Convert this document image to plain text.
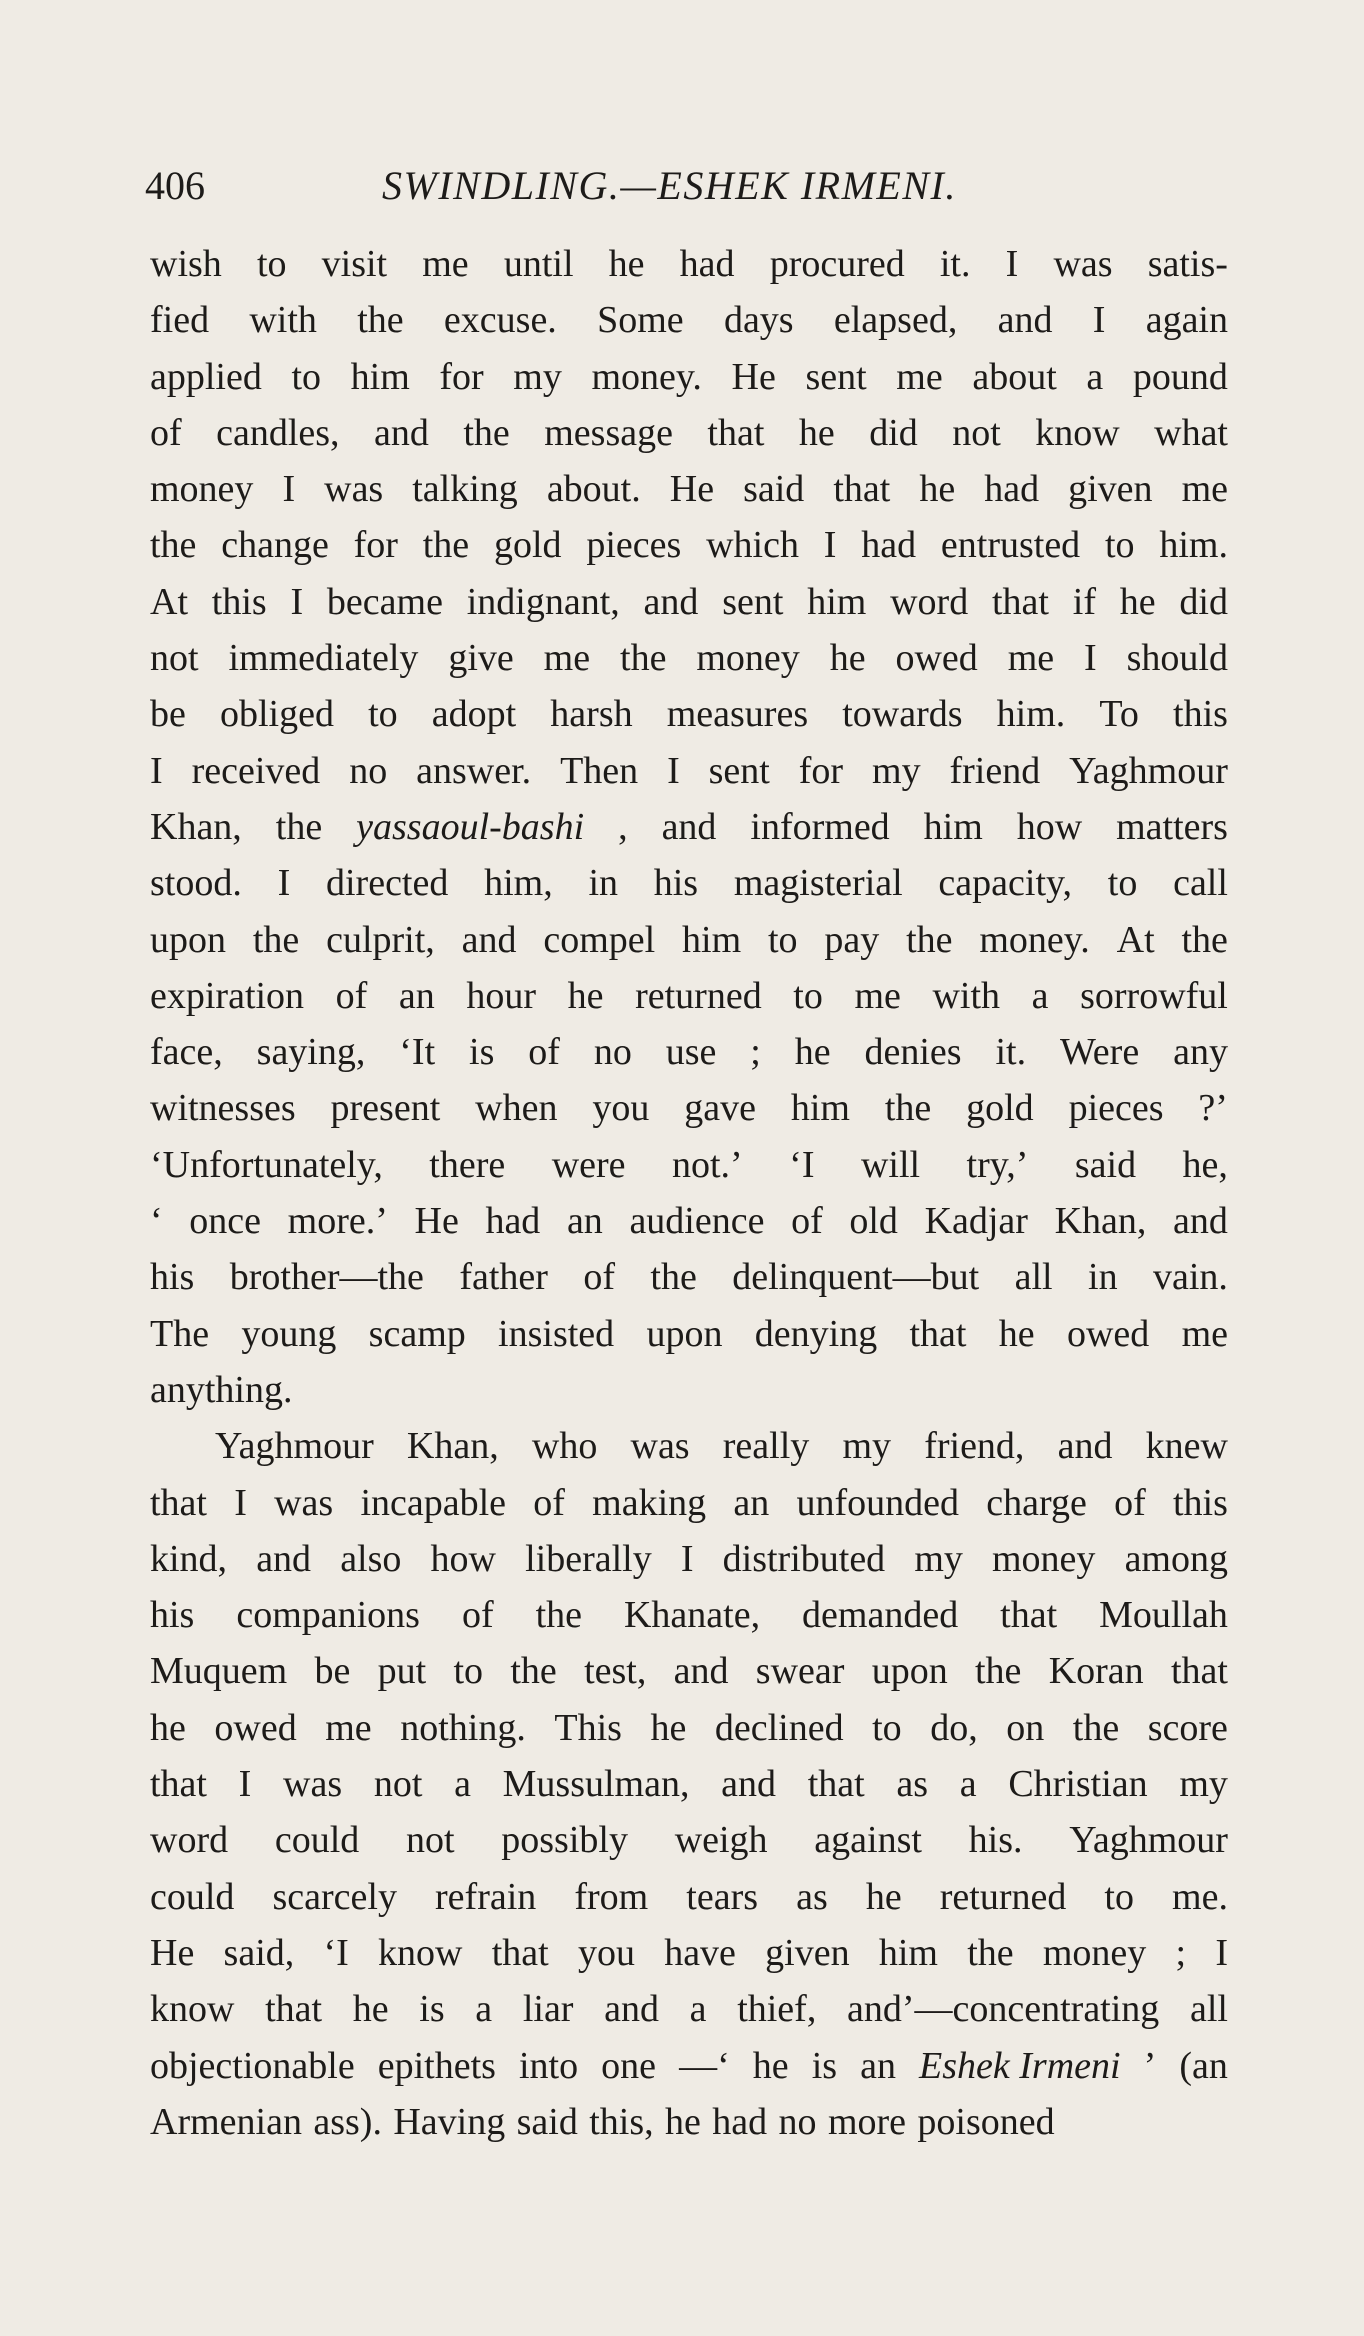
406	SWINDLING.—ESHEK IRMENI.
wish to visit me until he had procured it. I was satis-
fied with the excuse. Some days elapsed, and I again
applied to him for my money. He sent me about a pound
of candles, and the message that he did not know what
money I was talking about. He said that he had given me
the change for the gold pieces which I had entrusted to him.
At this I became indignant, and sent him word that if he did
not immediately give me the money he owed me I should
be obliged to adopt harsh measures towards him. To this
I received no answer. Then I sent for my friend Yaghmour
Khan, the yassaoul-bashi , and informed him how matters
stood. I directed him, in his magisterial capacity, to call
upon the culprit, and compel him to pay the money. At the
expiration of an hour he returned to me with a sorrowful
face, saying, ‘It is of no use ; he denies it. Were any
witnesses present when you gave him the gold pieces ?’
‘Unfortunately, there were not.’ ‘I will try,’ said he,
‘ once more.’ He had an audience of old Kadjar Khan, and
his brother—the father of the delinquent—but all in vain.
The young scamp insisted upon denying that he owed me
anything.
Yaghmour Khan, who was really my friend, and knew
that I was incapable of making an unfounded charge of this
kind, and also how liberally I distributed my money among
his companions of the Khanate, demanded that Moullah
Muquem be put to the test, and swear upon the Koran that
he owed me nothing. This he declined to do, on the score
that I was not a Mussulman, and that as a Christian my
word could not possibly weigh against his. Yaghmour
could scarcely refrain from tears as he returned to me.
He said, ‘I know that you have given him the money ; I
know that he is a liar and a thief, and’—concentrating all
objectionable epithets into one —‘ he is an Eshek Irmeni ’ (an
Armenian ass). Having said this, he had no more poisoned
